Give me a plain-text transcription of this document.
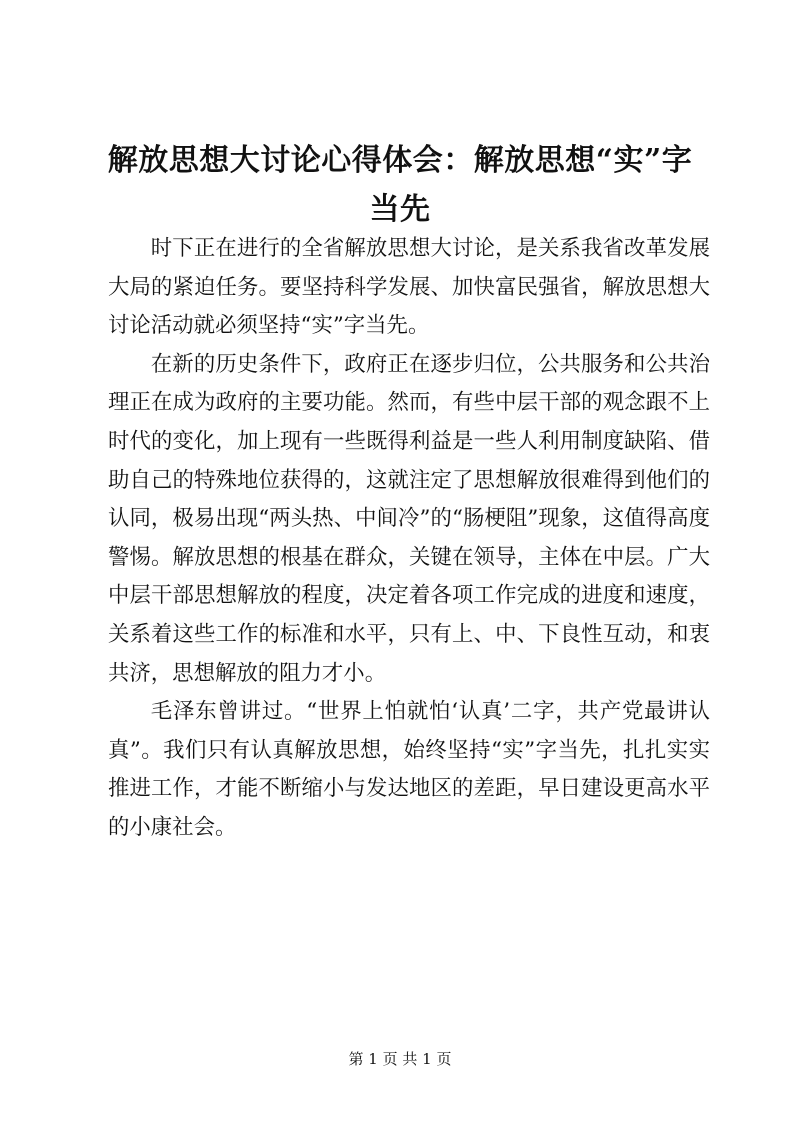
解放思想大讨论心得体会：解放思想“实”字当先

时下正在进行的全省解放思想大讨论，是关系我省改革发展大局的紧迫任务。要坚持科学发展、加快富民强省，解放思想大讨论活动就必须坚持“实”字当先。

在新的历史条件下，政府正在逐步归位，公共服务和公共治理正在成为政府的主要功能。然而，有些中层干部的观念跟不上时代的变化，加上现有一些既得利益是一些人利用制度缺陷、借助自己的特殊地位获得的，这就注定了思想解放很难得到他们的认同，极易出现“两头热、中间冷”的“肠梗阻”现象，这值得高度警惕。解放思想的根基在群众，关键在领导，主体在中层。广大中层干部思想解放的程度，决定着各项工作完成的进度和速度，关系着这些工作的标准和水平，只有上、中、下良性互动，和衷共济，思想解放的阻力才小。

毛泽东曾讲过。“世界上怕就怕‘认真’二字，共产党最讲认真”。我们只有认真解放思想，始终坚持“实”字当先，扎扎实实推进工作，才能不断缩小与发达地区的差距，早日建设更高水平的小康社会。

第 1 页 共 1 页
